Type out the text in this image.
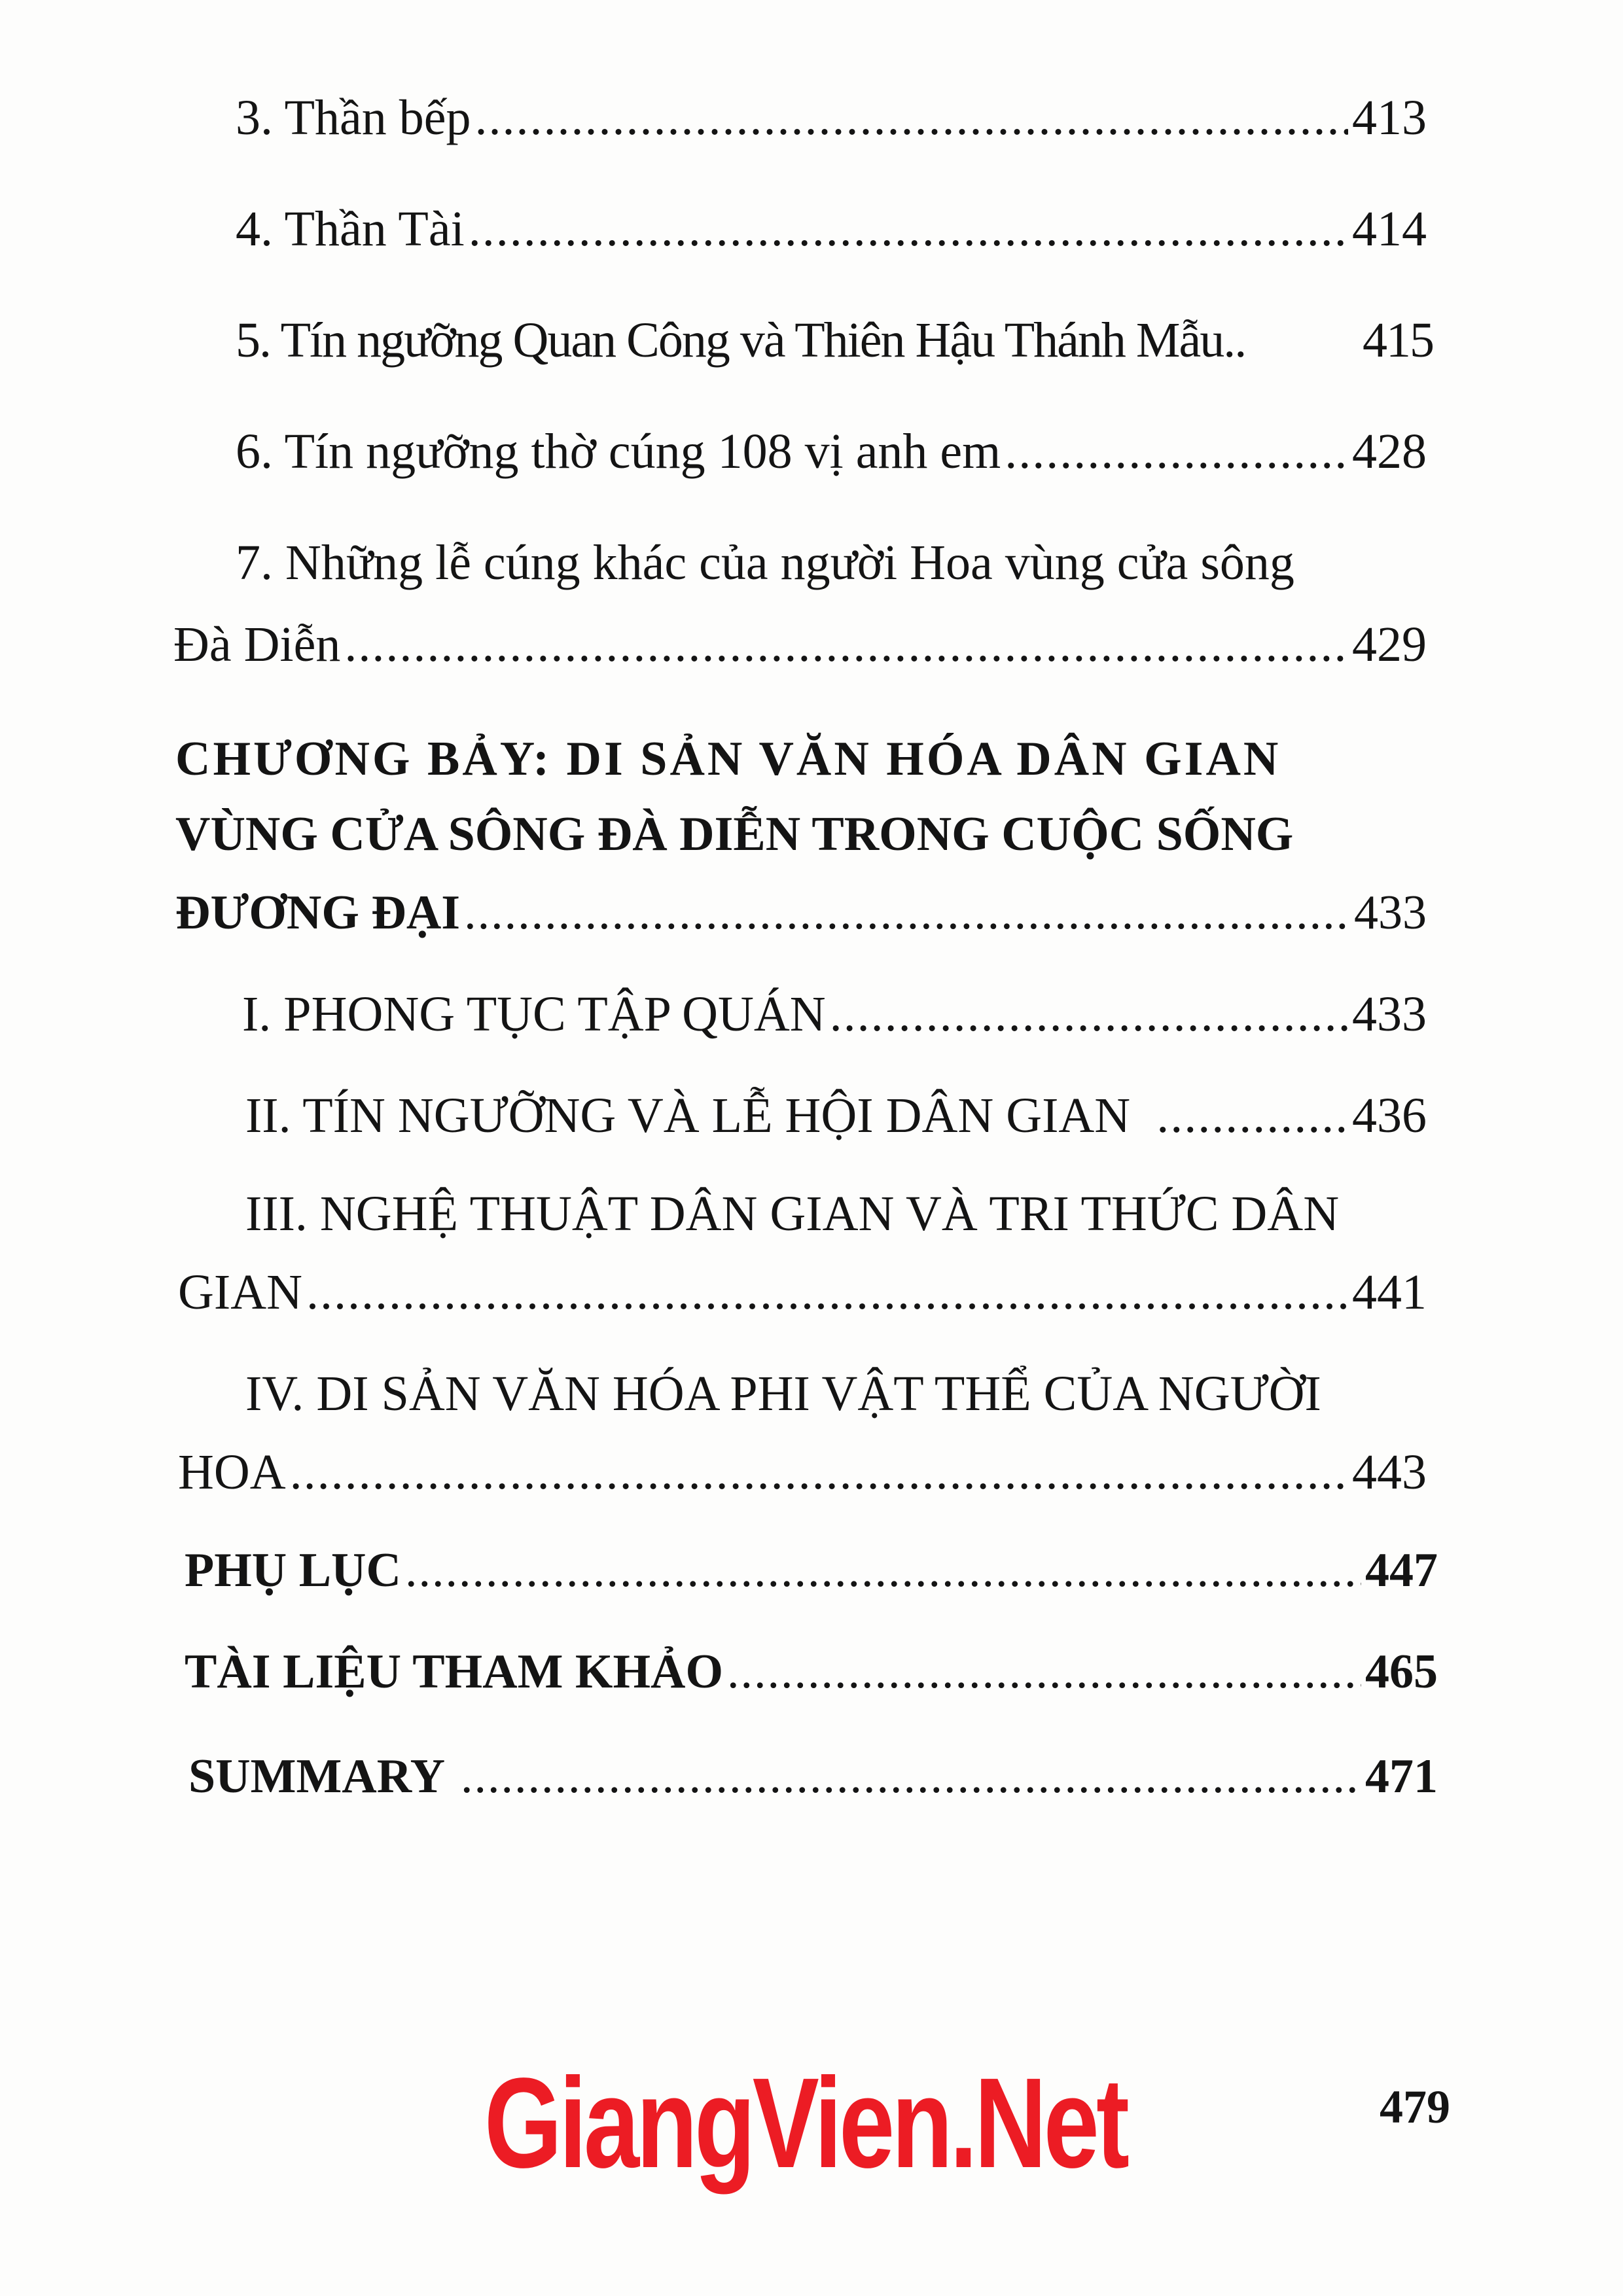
3. Thần bếp .....	413
4. Thần Tài .....	414
5. Tín ngưỡng Quan Công và Thiên Hậu Thánh Mẫu.. 415
6. Tín ngưỡng thờ cúng 108 vị anh em .....	428
7. Những lễ cúng khác của người Hoa vùng cửa sông
Đà Diễn .....	429
CHƯƠNG BẢY: DI SẢN VĂN HÓA DÂN GIAN
VÙNG CỬA SÔNG ĐÀ DIỄN TRONG CUỘC SỐNG
ĐƯƠNG ĐẠI .....	433
I. PHONG TỤC TẬP QUÁN .....	433
II. TÍN NGƯỠNG VÀ LỄ HỘI DÂN GIAN .....	436
III. NGHỆ THUẬT DÂN GIAN VÀ TRI THỨC DÂN
GIAN .....	441
IV. DI SẢN VĂN HÓA PHI VẬT THỂ CỦA NGƯỜI
HOA .....	443
PHỤ LỤC .....	447
TÀI LIỆU THAM KHẢO .....	465
SUMMARY .....	471
479
GiangVien.Net
